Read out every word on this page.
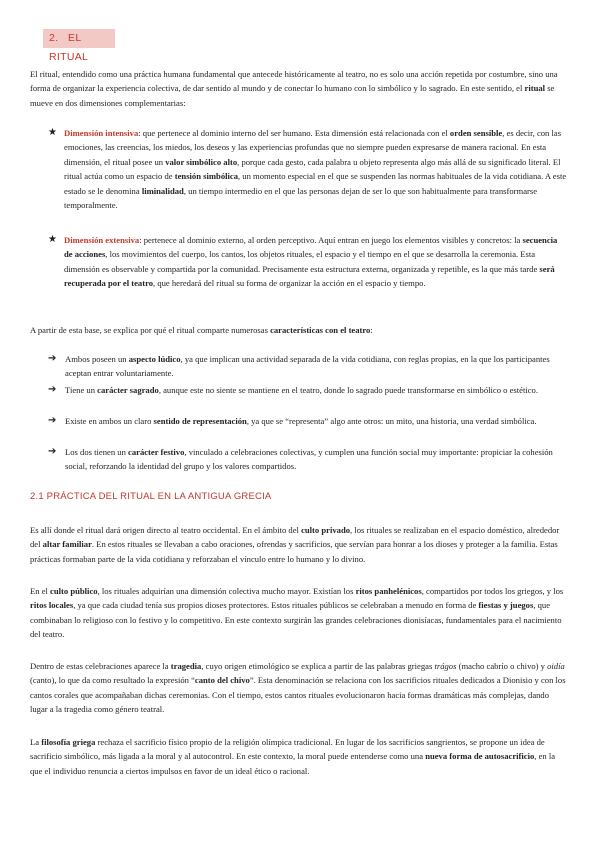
2. EL RITUAL

El ritual, entendido como una práctica humana fundamental que antecede históricamente al teatro, no es solo una acción repetida por costumbre, sino una forma de organizar la experiencia colectiva, de dar sentido al mundo y de conectar lo humano con lo simbólico y lo sagrado. En este sentido, el ritual se mueve en dos dimensiones complementarias:

★ Dimensión intensiva: que pertenece al dominio interno del ser humano. Esta dimensión está relacionada con el orden sensible, es decir, con las emociones, las creencias, los miedos, los deseos y las experiencias profundas que no siempre pueden expresarse de manera racional. En esta dimensión, el ritual posee un valor simbólico alto, porque cada gesto, cada palabra u objeto representa algo más allá de su significado literal. El ritual actúa como un espacio de tensión simbólica, un momento especial en el que se suspenden las normas habituales de la vida cotidiana. A este estado se le denomina liminalidad, un tiempo intermedio en el que las personas dejan de ser lo que son habitualmente para transformarse temporalmente.

★ Dimensión extensiva: pertenece al dominio externo, al orden perceptivo. Aquí entran en juego los elementos visibles y concretos: la secuencia de acciones, los movimientos del cuerpo, los cantos, los objetos rituales, el espacio y el tiempo en el que se desarrolla la ceremonia. Esta dimensión es observable y compartida por la comunidad. Precisamente esta estructura externa, organizada y repetible, es la que más tarde será recuperada por el teatro, que heredará del ritual su forma de organizar la acción en el espacio y tiempo.

A partir de esta base, se explica por qué el ritual comparte numerosas características con el teatro:

➔	Ambos poseen un aspecto lúdico, ya que implican una actividad separada de la vida cotidiana, con reglas propias, en la que los participantes aceptan entrar voluntariamente.

➔	Tiene un carácter sagrado, aunque este no siente se mantiene en el teatro, donde lo sagrado puede transformarse en simbólico o estético.

➔	Existe en ambos un claro sentido de representación, ya que se “representa” algo ante otros: un mito, una historia, una verdad simbólica.

➔	Los dos tienen un carácter festivo, vinculado a celebraciones colectivas, y cumplen una función social muy importante: propiciar la cohesión social, reforzando la identidad del grupo y los valores compartidos.

2.1 PRÁCTICA DEL RITUAL EN LA ANTIGUA GRECIA

Es allí donde el ritual dará origen directo al teatro occidental. En el ámbito del culto privado, los rituales se realizaban en el espacio doméstico, alrededor del altar familiar. En estos rituales se llevaban a cabo oraciones, ofrendas y sacrificios, que servían para honrar a los dioses y proteger a la familia. Estas prácticas formaban parte de la vida cotidiana y reforzaban el vínculo entre lo humano y lo divino.

En el culto público, los rituales adquirían una dimensión colectiva mucho mayor. Existían los ritos panhelénicos, compartidos por todos los griegos, y los ritos locales, ya que cada ciudad tenía sus propios dioses protectores. Estos rituales públicos se celebraban a menudo en forma de fiestas y juegos, que combinaban lo religioso con lo festivo y lo competitivo. En este contexto surgirán las grandes celebraciones dionisíacas, fundamentales para el nacimiento del teatro.

Dentro de estas celebraciones aparece la tragedia, cuyo origen etimológico se explica a partir de las palabras griegas trágos (macho cabrío o chivo) y oidía (canto), lo que da como resultado la expresión “canto del chivo”. Esta denominación se relaciona con los sacrificios rituales dedicados a Dionisio y con los cantos corales que acompañaban dichas ceremonias. Con el tiempo, estos cantos rituales evolucionaron hacia formas dramáticas más complejas, dando lugar a la tragedia como género teatral.

La filosofía griega rechaza el sacrificio físico propio de la religión olímpica tradicional. En lugar de los sacrificios sangrientos, se propone un idea de sacrificio simbólico, más ligada a la moral y al autocontrol. En este contexto, la moral puede entenderse como una nueva forma de autosacrificio, en la que el individuo renuncia a ciertos impulsos en favor de un ideal ético o racional.
